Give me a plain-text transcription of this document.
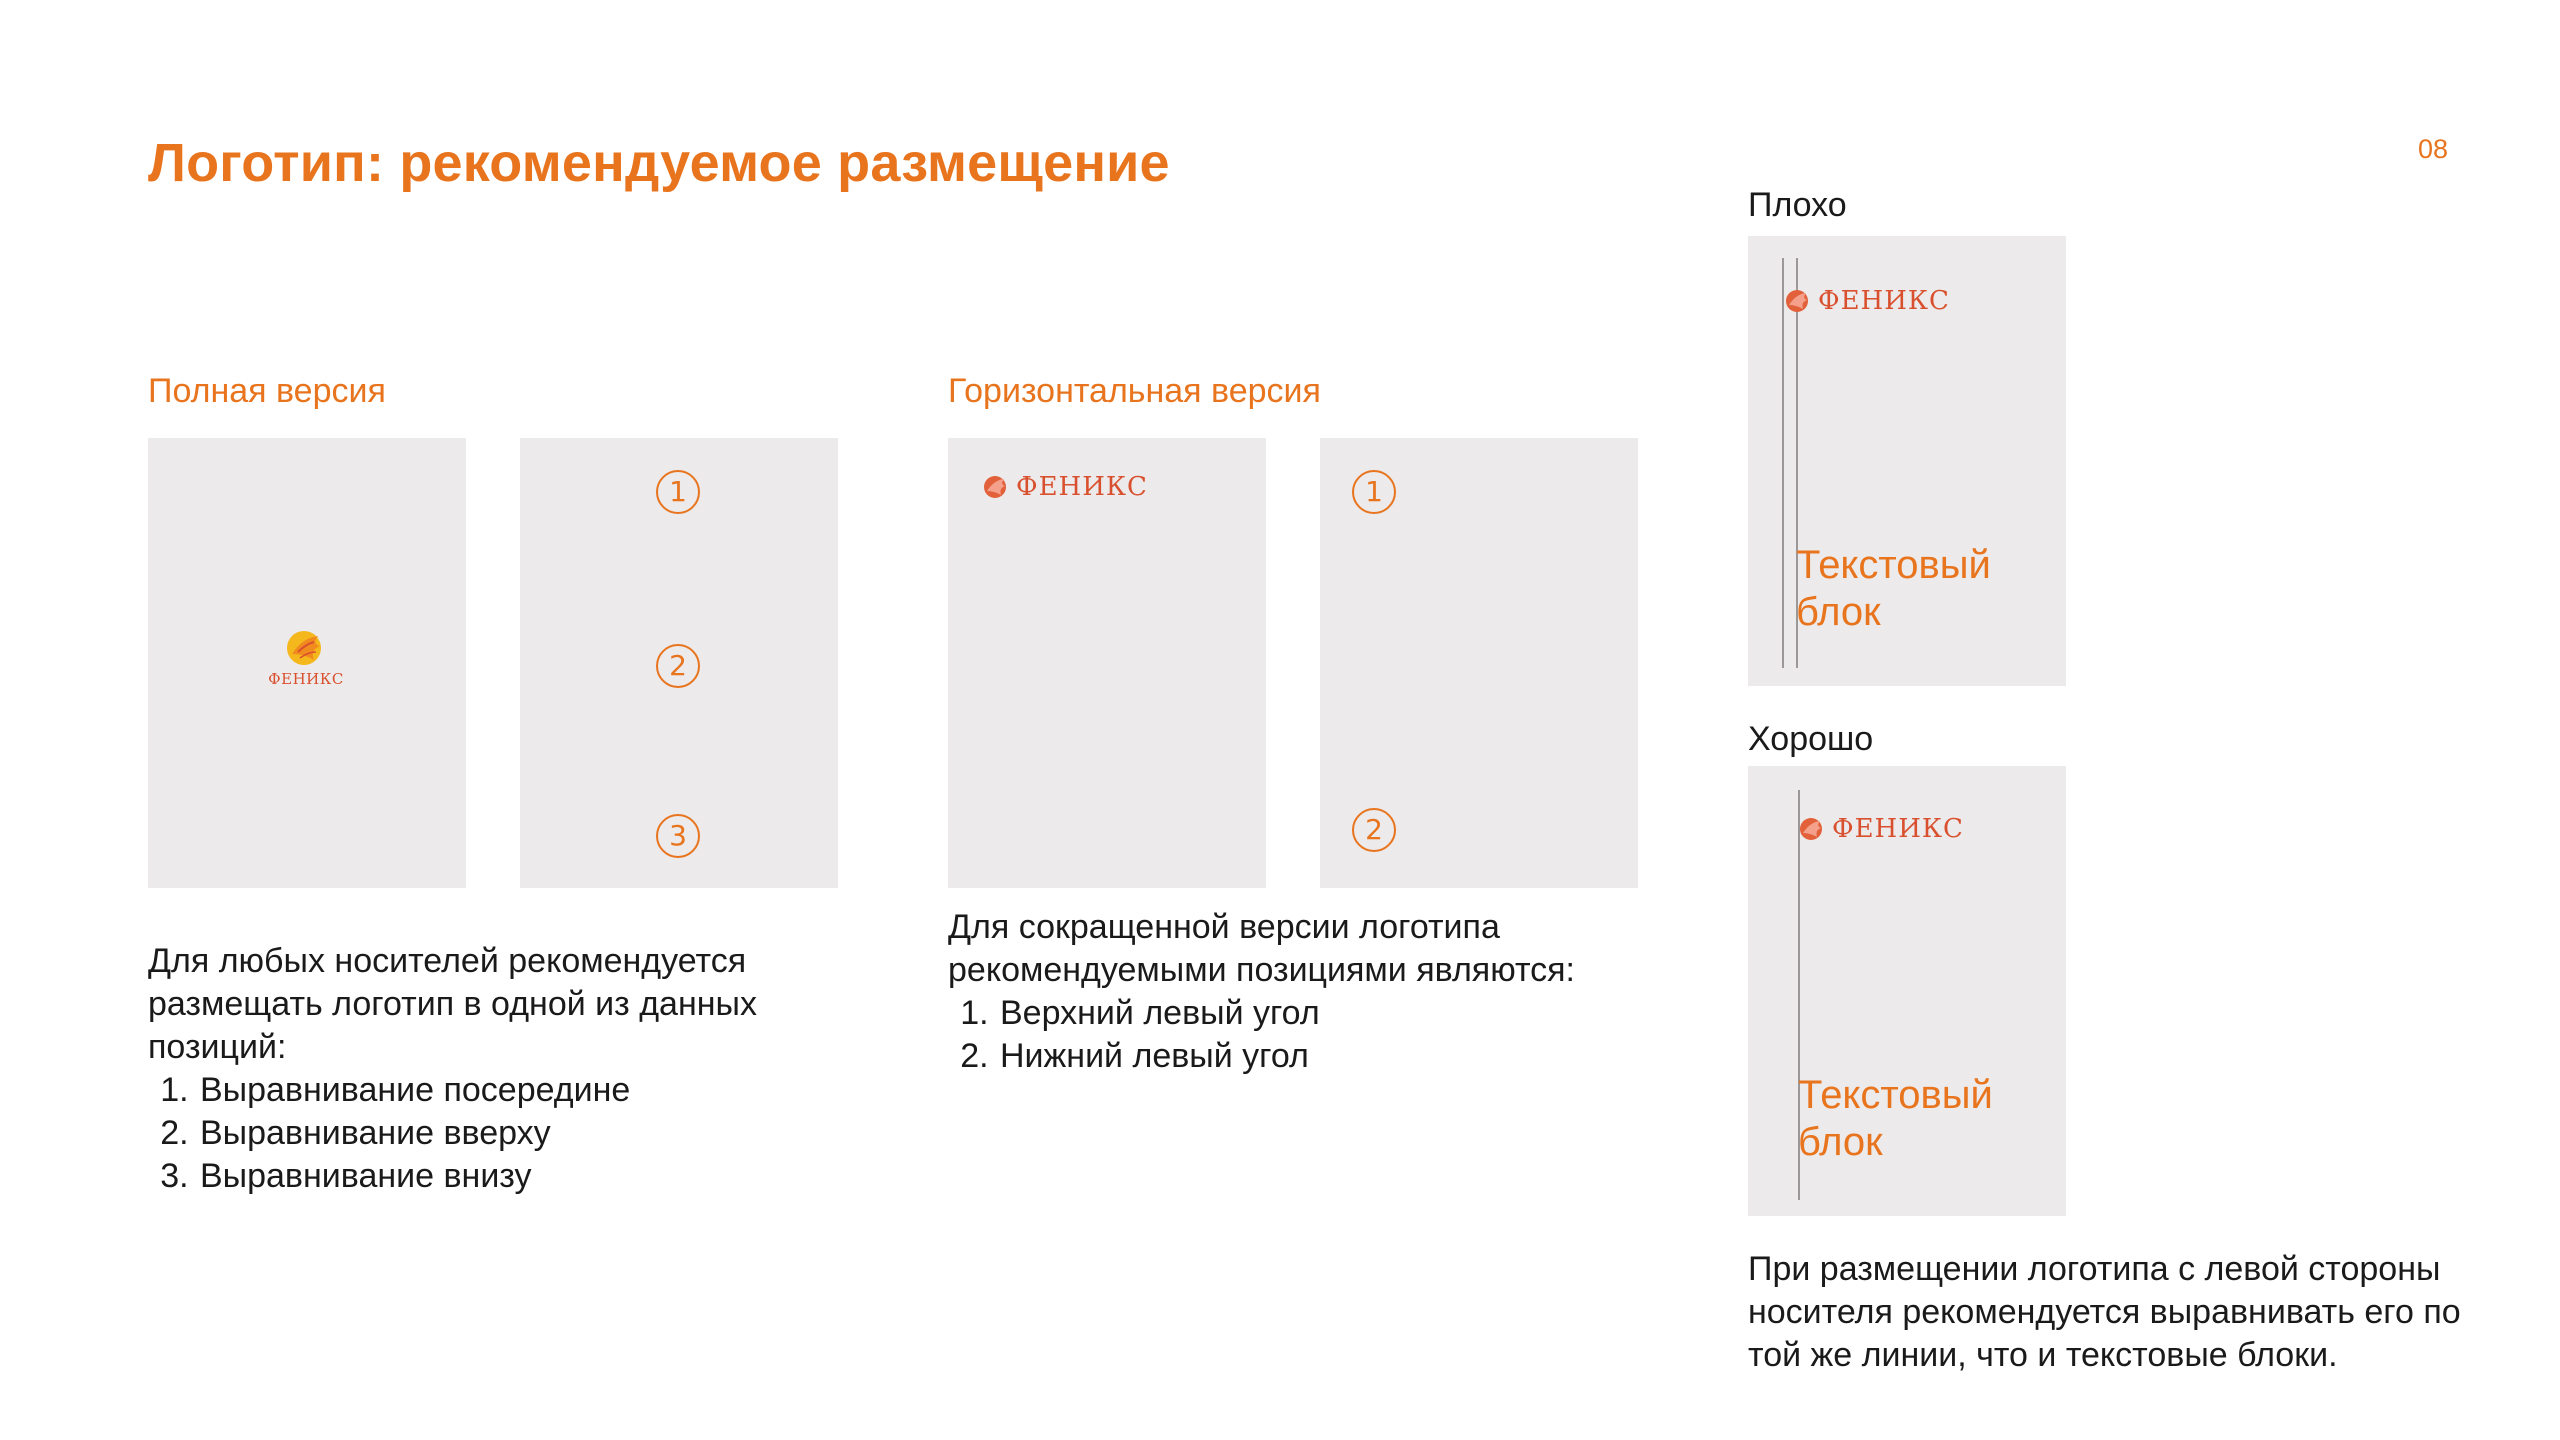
Логотип: рекомендуемое размещение	08
Полная версия
ФЕНИКС
1
2
3
Для любых носителей рекомендуется размещать логотип в одной из данных позиций:
1. Выравнивание посередине
2. Выравнивание вверху
3. Выравнивание внизу
Горизонтальная версия
ФЕНИКС	1
2
Для сокращенной версии логотипа рекомендуемыми позициями являются:
1. Верхний левый угол
2. Нижний левый угол
Плохо
ФЕНИКС
Текстовый
блок
Хорошо
ФЕНИКС
Текстовый
блок
При размещении логотипа с левой стороны носителя рекомендуется выравнивать его по той же линии, что и текстовые блоки.
